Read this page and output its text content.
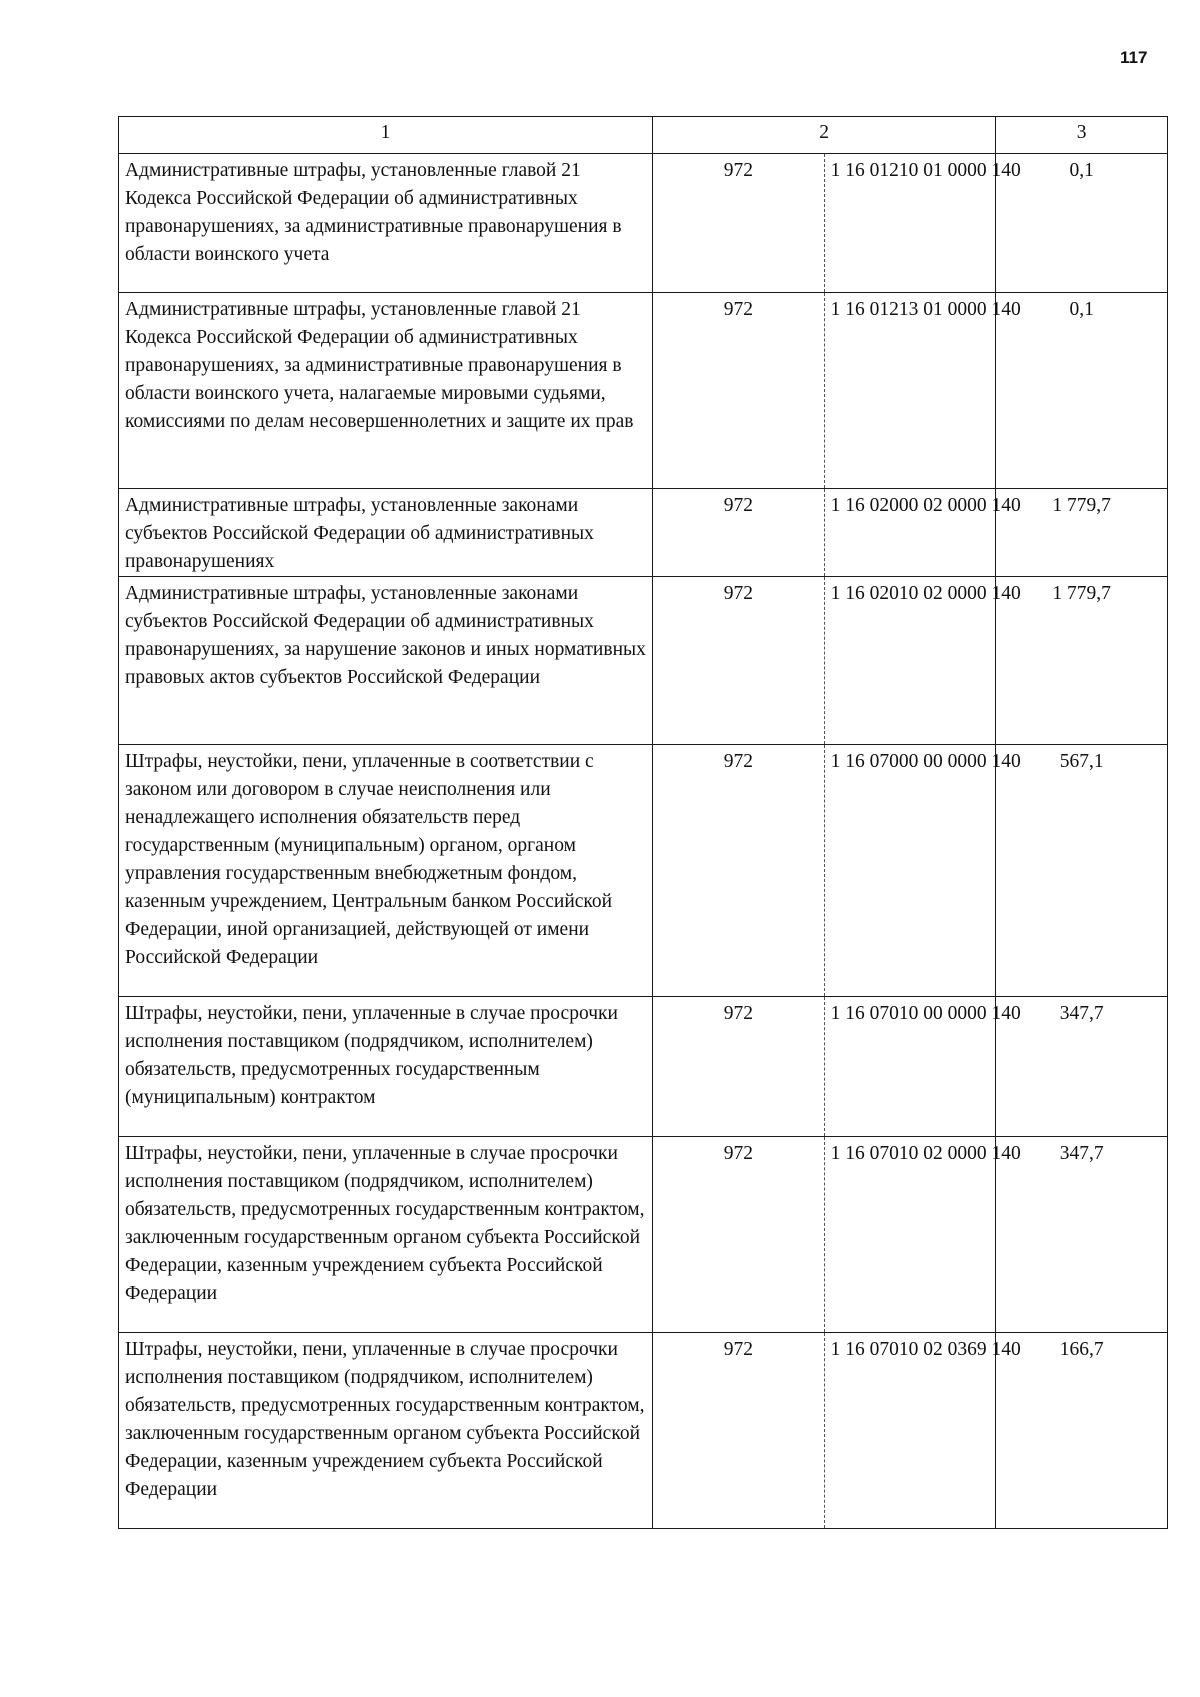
117
1	2		3
Административные штрафы, установленные главой 21 Кодекса Российской Федерации об административных правонарушениях, за административные правонарушения в области воинского учета	972	1 16 01210 01 0000 140	0,1
Административные штрафы, установленные главой 21 Кодекса Российской Федерации об административных правонарушениях, за административные правонарушения в области воинского учета, налагаемые мировыми судьями, комиссиями по делам несовершеннолетних и защите их прав	972	1 16 01213 01 0000 140	0,1
Административные штрафы, установленные законами субъектов Российской Федерации об административных правонарушениях	972	1 16 02000 02 0000 140	1 779,7
Административные штрафы, установленные законами субъектов Российской Федерации об административных правонарушениях, за нарушение законов и иных нормативных правовых актов субъектов Российской Федерации	972	1 16 02010 02 0000 140	1 779,7
Штрафы, неустойки, пени, уплаченные в соответствии с законом или договором в случае неисполнения или ненадлежащего исполнения обязательств перед государственным (муниципальным) органом, органом управления государственным внебюджетным фондом, казенным учреждением, Центральным банком Российской Федерации, иной организацией, действующей от имени Российской Федерации	972	1 16 07000 00 0000 140	567,1
Штрафы, неустойки, пени, уплаченные в случае просрочки исполнения поставщиком (подрядчиком, исполнителем) обязательств, предусмотренных государственным (муниципальным) контрактом	972	1 16 07010 00 0000 140	347,7
Штрафы, неустойки, пени, уплаченные в случае просрочки исполнения поставщиком (подрядчиком, исполнителем) обязательств, предусмотренных государственным контрактом, заключенным государственным органом субъекта Российской Федерации, казенным учреждением субъекта Российской Федерации	972	1 16 07010 02 0000 140	347,7
Штрафы, неустойки, пени, уплаченные в случае просрочки исполнения поставщиком (подрядчиком, исполнителем) обязательств, предусмотренных государственным контрактом, заключенным государственным органом субъекта Российской Федерации, казенным учреждением субъекта Российской Федерации	972	1 16 07010 02 0369 140	166,7
